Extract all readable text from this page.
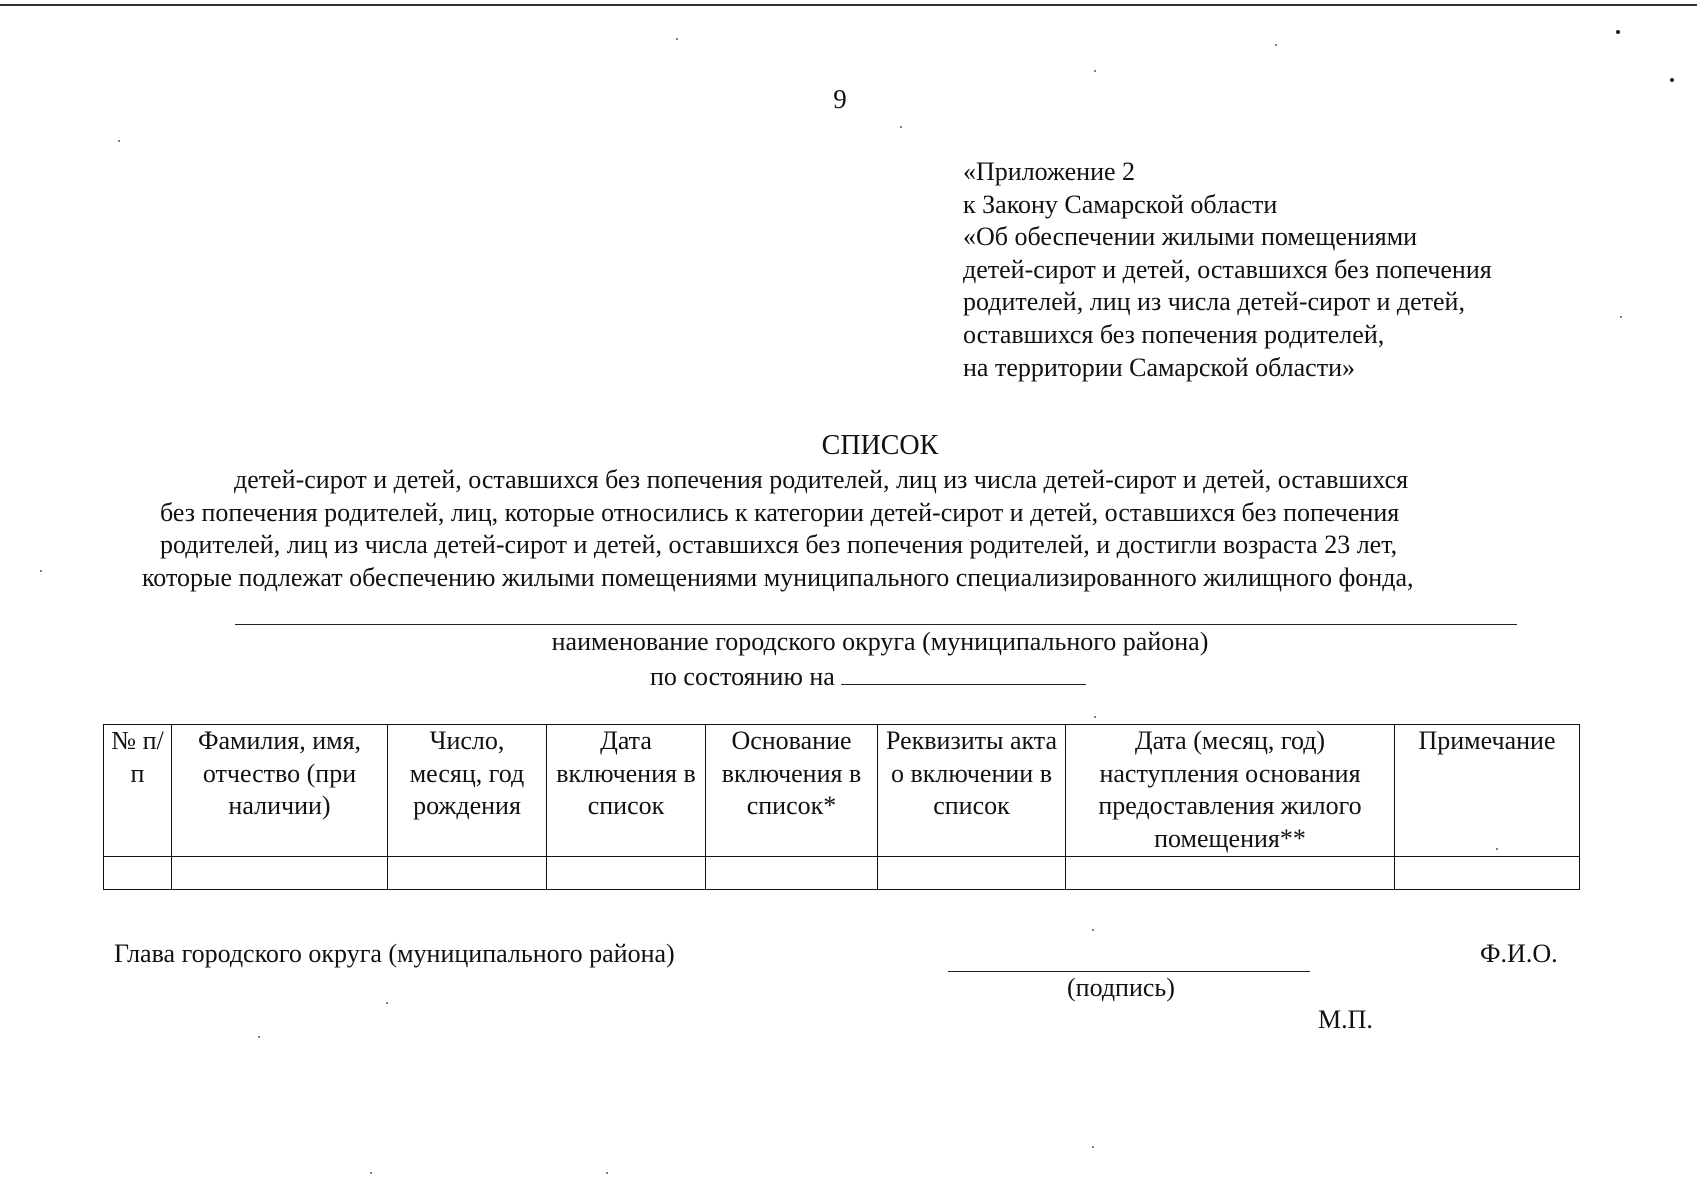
9
«Приложение 2
к Закону Самарской области
«Об обеспечении жилыми помещениями
детей-сирот и детей, оставшихся без попечения
родителей, лиц из числа детей-сирот и детей,
оставшихся без попечения родителей,
на территории Самарской области»
СПИСОК
детей-сирот и детей, оставшихся без попечения родителей, лиц из числа детей-сирот и детей, оставшихся
без попечения родителей, лиц, которые относились к категории детей-сирот и детей, оставшихся без попечения
родителей, лиц из числа детей-сирот и детей, оставшихся без попечения родителей, и достигли возраста 23 лет,
которые подлежат обеспечению жилыми помещениями муниципального специализированного жилищного фонда,
наименование городского округа (муниципального района)
по состоянию на
№ п/п	Фамилия, имя, отчество (при наличии)	Число, месяц, год рождения	Дата включения в список	Основание включения в список*	Реквизиты акта о включении в список	Дата (месяц, год) наступления основания предоставления жилого помещения**	Примечание

Глава городского округа (муниципального района)
(подпись)
Ф.И.О.
М.П.
